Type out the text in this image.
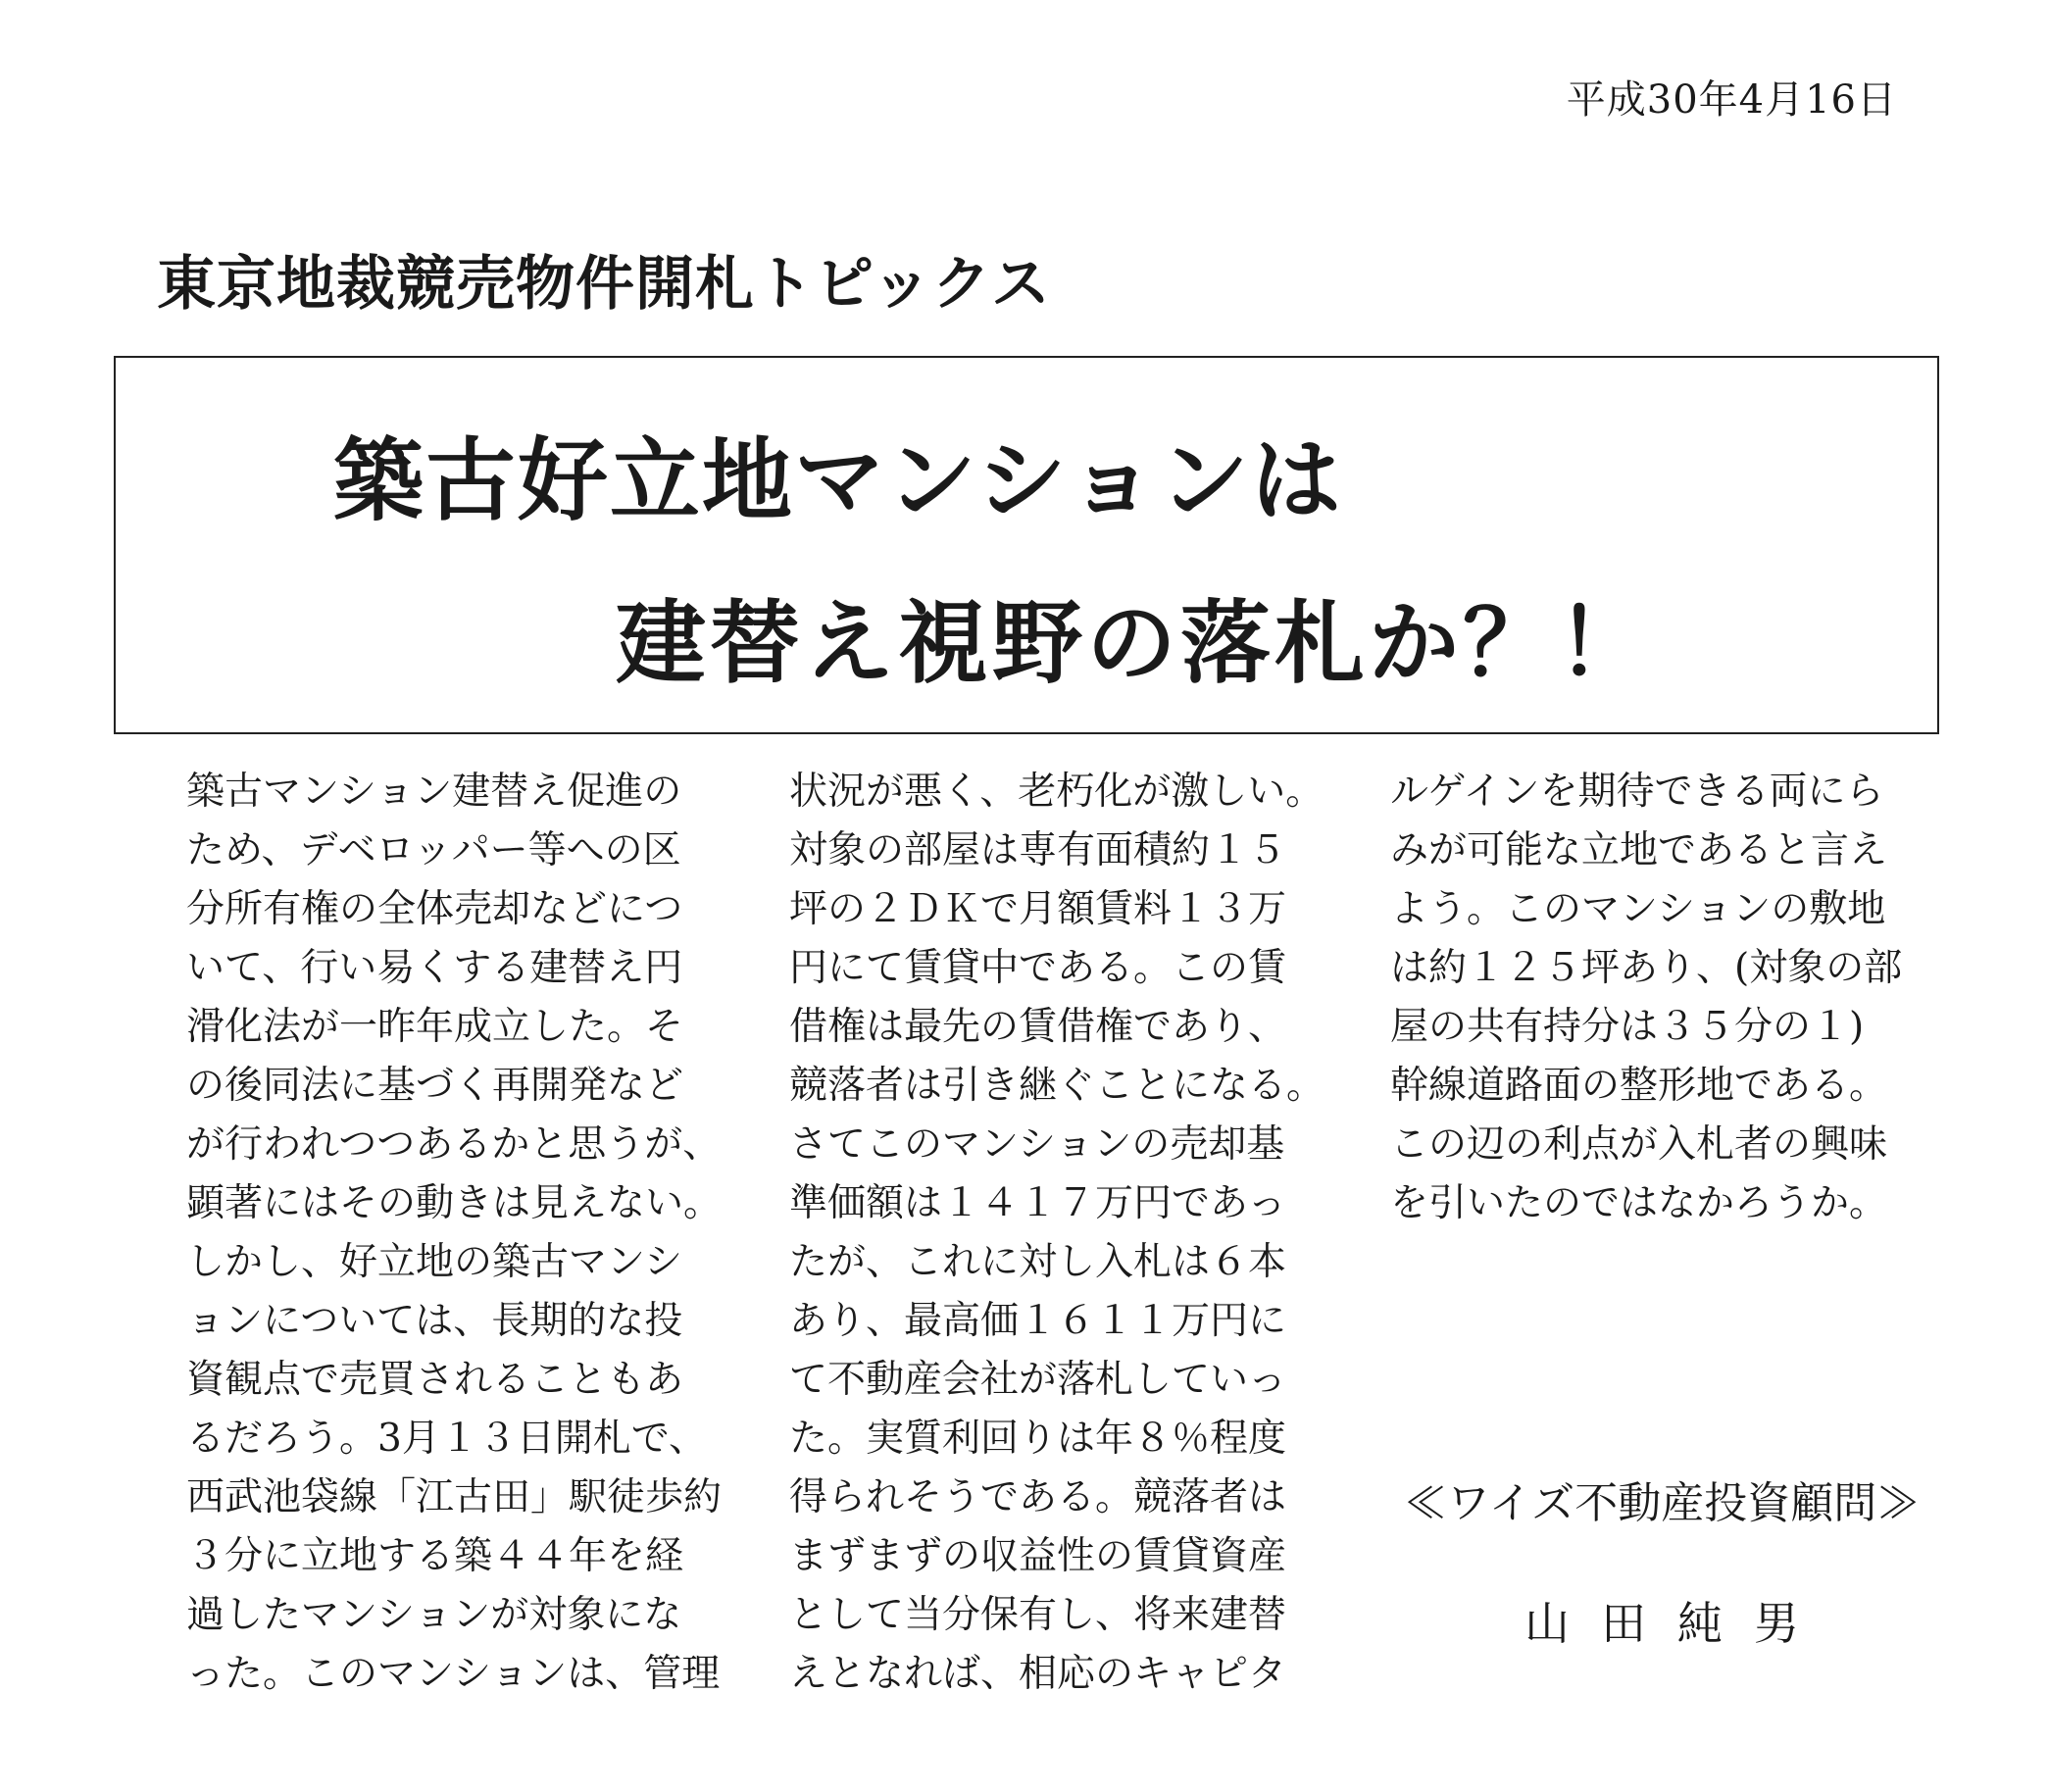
平成30年4月16日
東京地裁競売物件開札トピックス
築古好立地マンションは
建替え視野の落札か？！
築古マンション建替え促進の
ため、デベロッパー等への区
分所有権の全体売却などにつ
いて、行い易くする建替え円
滑化法が一昨年成立した。そ
の後同法に基づく再開発など
が行われつつあるかと思うが、
顕著にはその動きは見えない。
しかし、好立地の築古マンシ
ョンについては、長期的な投
資観点で売買されることもあ
るだろう。3月１３日開札で、
西武池袋線「江古田」駅徒歩約
３分に立地する築４４年を経
過したマンションが対象にな
った。このマンションは、管理
状況が悪く、老朽化が激しい。
対象の部屋は専有面積約１５
坪の２ＤＫで月額賃料１３万
円にて賃貸中である。この賃
借権は最先の賃借権であり、
競落者は引き継ぐことになる。
さてこのマンションの売却基
準価額は１４１７万円であっ
たが、これに対し入札は６本
あり、最高価１６１１万円に
て不動産会社が落札していっ
た。実質利回りは年８％程度
得られそうである。競落者は
まずまずの収益性の賃貸資産
として当分保有し、将来建替
えとなれば、相応のキャピタ
ルゲインを期待できる両にら
みが可能な立地であると言え
よう。このマンションの敷地
は約１２５坪あり、(対象の部
屋の共有持分は３５分の１)
幹線道路面の整形地である。
この辺の利点が入札者の興味
を引いたのではなかろうか。
≪ワイズ不動産投資顧問≫
山田純男
